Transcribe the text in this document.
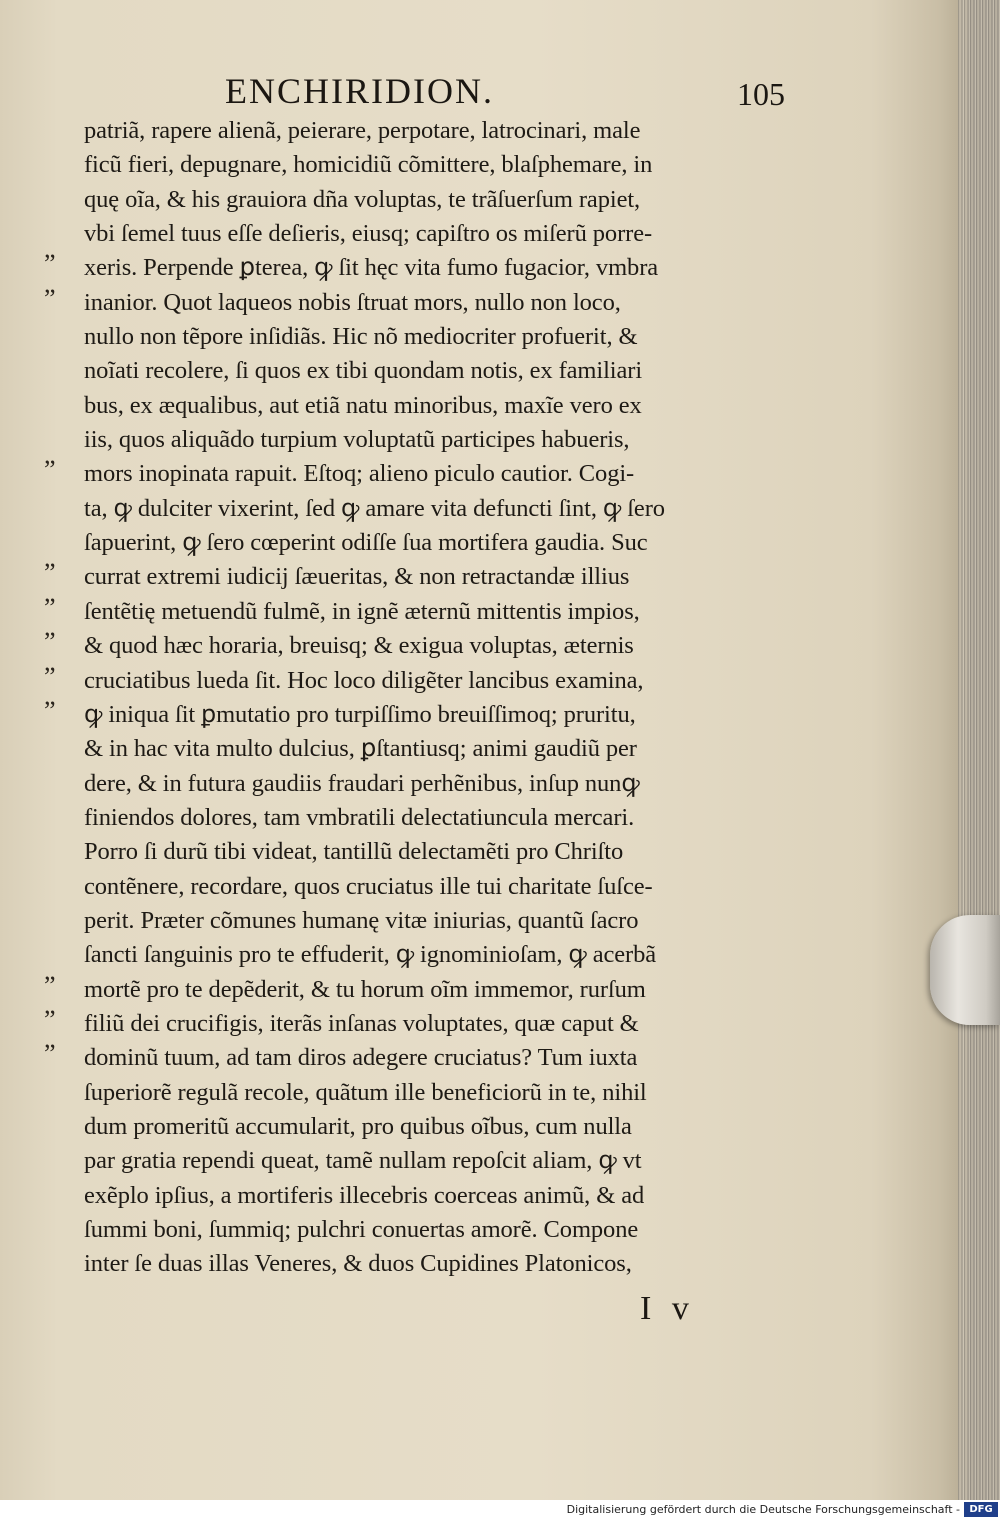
ENCHIRIDION.	105
patriã, rapere alienã, peierare, perpotare, latrocinari, male
ficũ fieri, depugnare, homicidiũ cõmittere, blaſphemare, in
quę oĩa, & his grauiora dña voluptas, te trãſuerſum rapiet,
vbi ſemel tuus eſſe deſieris, eiusq; capiſtro os miſerũ porre-
” xeris. Perpende ꝑterea, ꝙ ſit hęc vita fumo fugacior, vmbra
” inanior. Quot laqueos nobis ſtruat mors, nullo non loco,
nullo non tẽpore inſidiãs. Hic nõ mediocriter profuerit, &
noĩati recolere, ſi quos ex tibi quondam notis, ex familiari
bus, ex æqualibus, aut etiã natu minoribus, maxĩe vero ex
iis, quos aliquãdo turpium voluptatũ participes habueris,
” mors inopinata rapuit. Eſtoq; alieno piculo cautior. Cogi-
ta, ꝙ dulciter vixerint, ſed ꝙ amare vita defuncti ſint, ꝙ ſero
ſapuerint, ꝙ ſero cœperint odiſſe ſua mortifera gaudia. Suc
” currat extremi iudicij ſæueritas, & non retractandæ illius
” ſentẽtię metuendũ fulmẽ, in ignẽ æternũ mittentis impios,
” & quod hæc horaria, breuisq; & exigua voluptas, æternis
” cruciatibus lueda ſit. Hoc loco diligẽter lancibus examina,
” ꝙ iniqua ſit ꝑmutatio pro turpiſſimo breuiſſimoq; pruritu,
& in hac vita multo dulcius, ꝑſtantiusq; animi gaudiũ per
dere, & in futura gaudiis fraudari perhẽnibus, inſup nunꝙ
finiendos dolores, tam vmbratili delectatiuncula mercari.
Porro ſi durũ tibi videat, tantillũ delectamẽti pro Chriſto
contẽnere, recordare, quos cruciatus ille tui charitate ſuſce-
perit. Præter cõmunes humanę vitæ iniurias, quantũ ſacro
ſancti ſanguinis pro te effuderit, ꝙ ignominioſam, ꝙ acerbã
” mortẽ pro te depẽderit, & tu horum oĩm immemor, rurſum
” filiũ dei crucifigis, iterãs inſanas voluptates, quæ caput &
” dominũ tuum, ad tam diros adegere cruciatus? Tum iuxta
ſuperiorẽ regulã recole, quãtum ille beneficiorũ in te, nihil
dum promeritũ accumularit, pro quibus oĩbus, cum nulla
par gratia rependi queat, tamẽ nullam repoſcit aliam, ꝙ vt
exẽplo ipſius, a mortiferis illecebris coerceas animũ, & ad
ſummi boni, ſummiq; pulchri conuertas amorẽ. Compone
inter ſe duas illas Veneres, & duos Cupidines Platonicos,
I v
Digitalisierung gefördert durch die Deutsche Forschungsgemeinschaft - DFG
